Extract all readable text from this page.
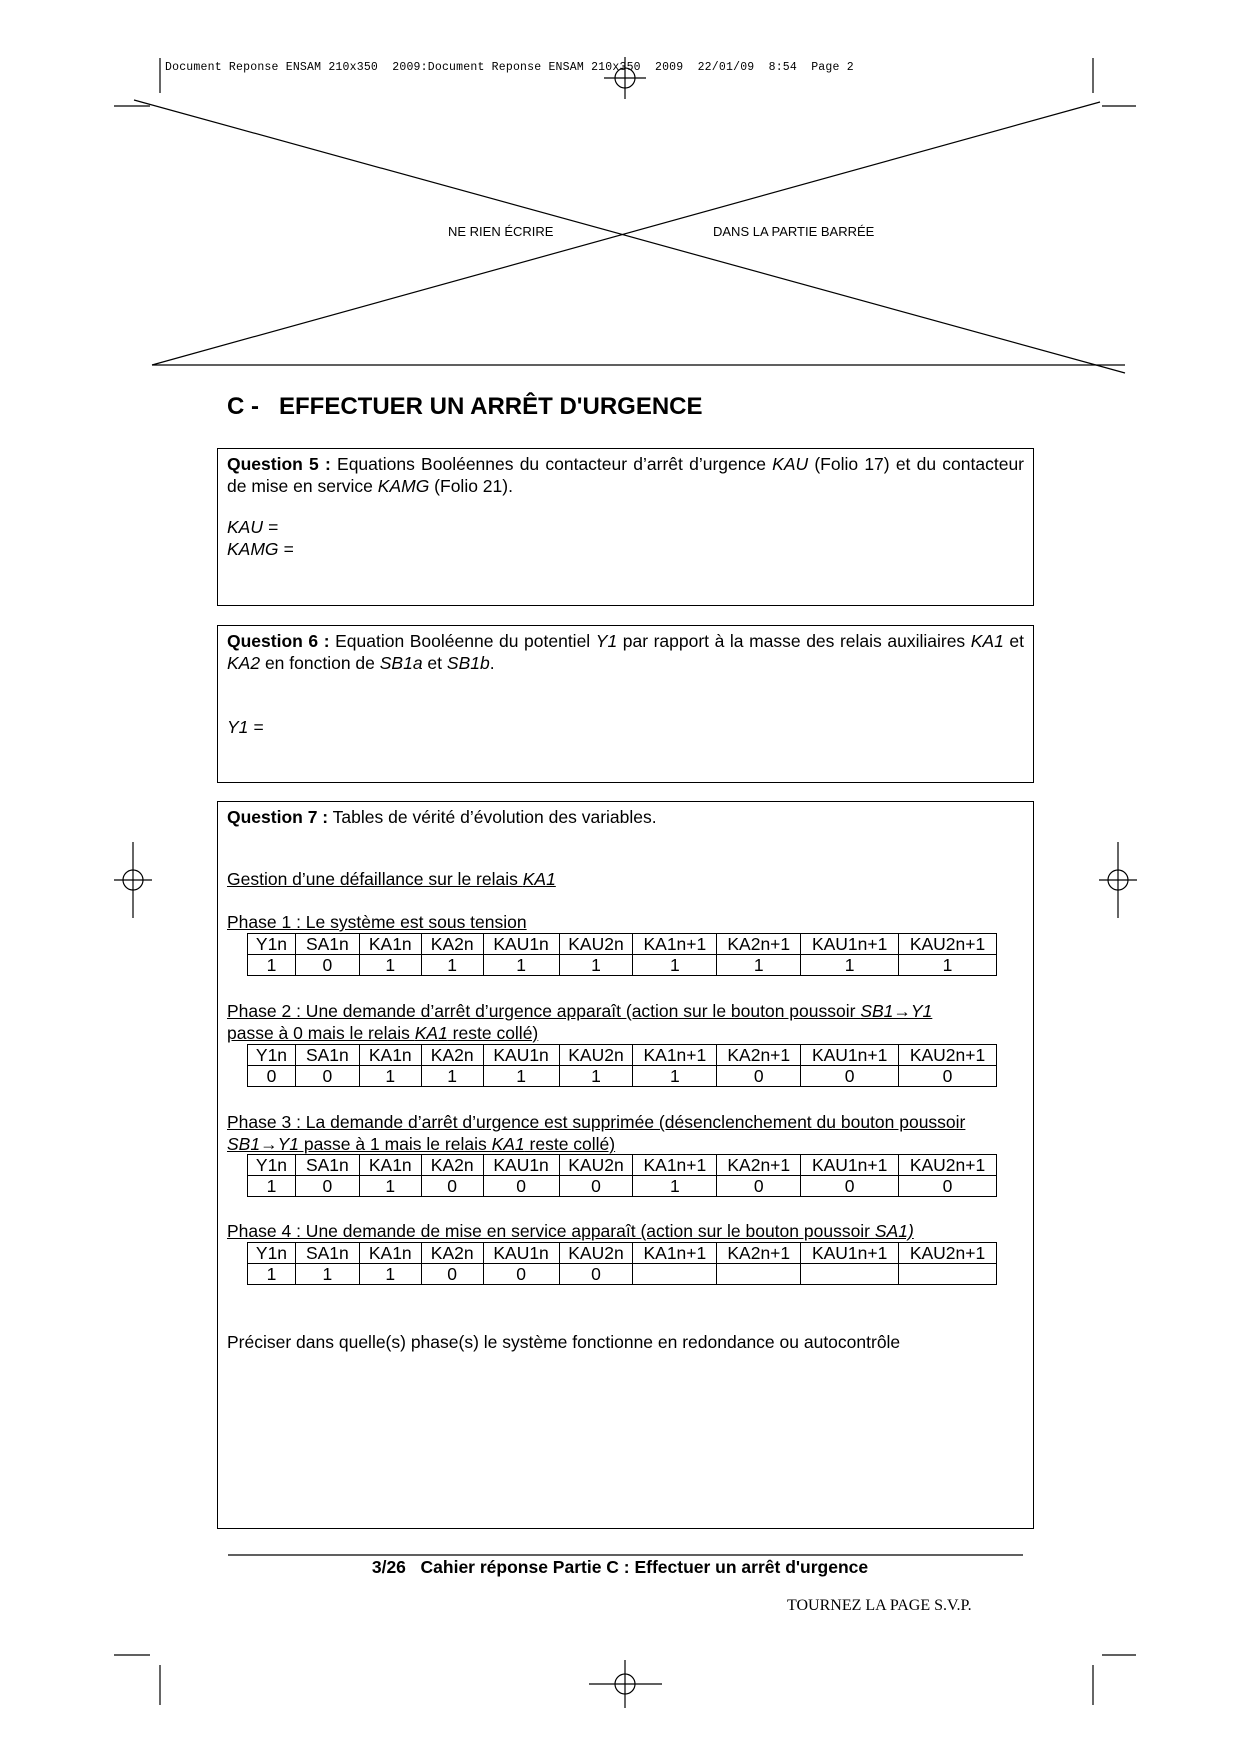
Document Reponse ENSAM 210x350  2009:Document Reponse ENSAM 210x350  2009  22/01/09  8:54  Page 2
NE RIEN ÉCRIRE	DANS LA PARTIE BARRÉE
C - EFFECTUER UN ARRÊT D'URGENCE
Question 5 : Equations Booléennes du contacteur d’arrêt d’urgence KAU (Folio 17) et du contacteur de mise en service KAMG (Folio 21).
KAU =
KAMG =
Question 6 : Equation Booléenne du potentiel Y1 par rapport à la masse des relais auxiliaires KA1 et KA2 en fonction de SB1a et SB1b.
Y1 =
Question 7 : Tables de vérité d’évolution des variables.
Gestion d’une défaillance sur le relais KA1
Phase 1 : Le système est sous tension
Y1n	SA1n	KA1n	KA2n	KAU1n	KAU2n	KA1n+1	KA2n+1	KAU1n+1	KAU2n+1
1	0	1	1	1	1	1	1	1	1
Phase 2 : Une demande d’arrêt d’urgence apparaît (action sur le bouton poussoir SB1→Y1
passe à 0 mais le relais KA1 reste collé)
Y1n	SA1n	KA1n	KA2n	KAU1n	KAU2n	KA1n+1	KA2n+1	KAU1n+1	KAU2n+1
0	0	1	1	1	1	1	0	0	0
Phase 3 : La demande d’arrêt d’urgence est supprimée (désenclenchement du bouton poussoir
SB1→Y1 passe à 1 mais le relais KA1 reste collé)
Y1n	SA1n	KA1n	KA2n	KAU1n	KAU2n	KA1n+1	KA2n+1	KAU1n+1	KAU2n+1
1	0	1	0	0	0	1	0	0	0
Phase 4 : Une demande de mise en service apparaît (action sur le bouton poussoir SA1)
Y1n	SA1n	KA1n	KA2n	KAU1n	KAU2n	KA1n+1	KA2n+1	KAU1n+1	KAU2n+1
1	1	1	0	0	0				
Préciser dans quelle(s) phase(s) le système fonctionne en redondance ou autocontrôle
3/26 Cahier réponse Partie C : Effectuer un arrêt d'urgence
TOURNEZ LA PAGE S.V.P.
